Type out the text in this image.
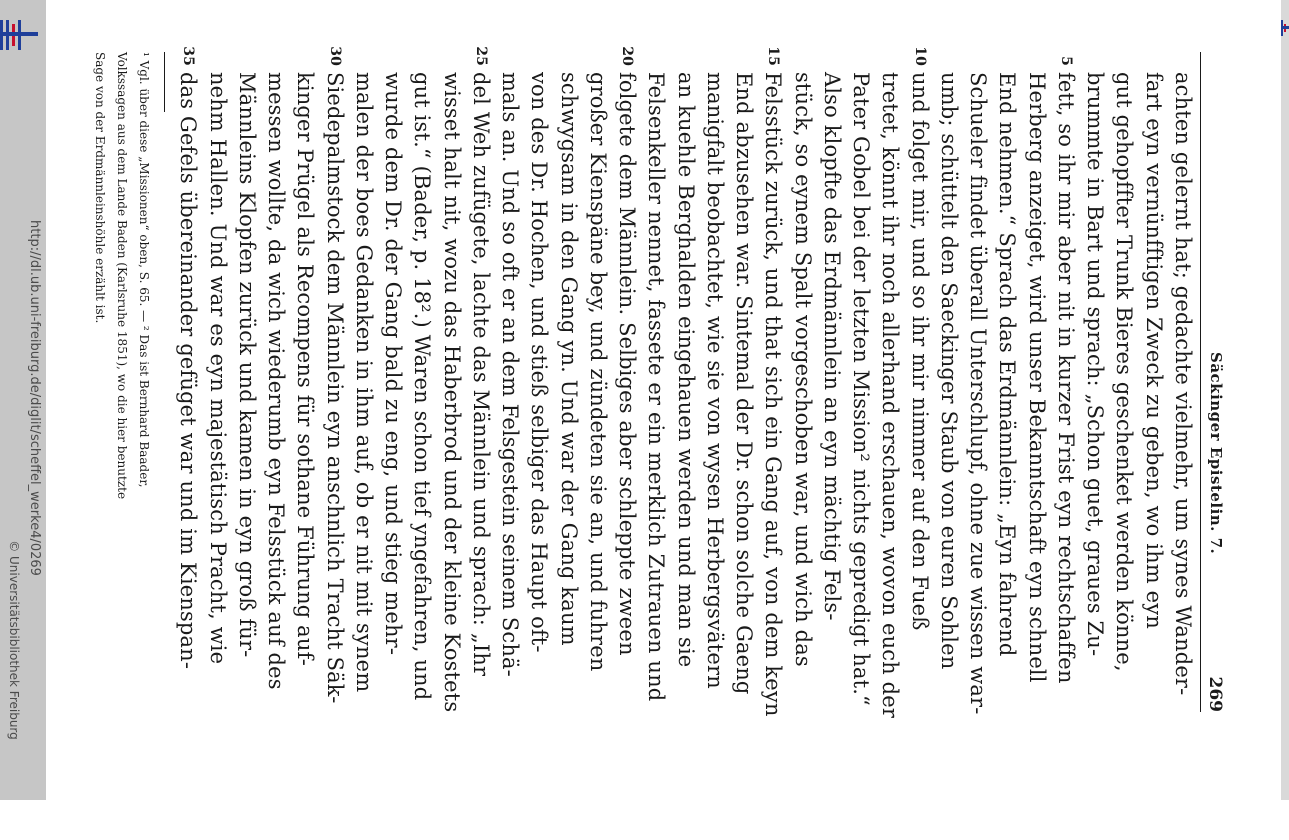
http://dl.ub.uni-freiburg.de/diglit/scheffel_werke4/0269
© Universitätsbibliothek Freiburg
Säckinger Epistelin. 7.
269
achten gelernt hat; gedachte vielmehr, um synes Wander-
fart eyn vernünfftigen Zweck zu geben, wo ihm eyn
gut gehopffter Trunk Bieres geschenket werden könne,
brummte in Bart und sprach: „Schon guet, graues Zu-
5
fett, so ihr mir aber nit in kurzer Frist eyn rechtschaffen
Herberg anzeiget, wird unser Bekanntschaft eyn schnell
End nehmen.“ Sprach das Erdmännlein: „Eyn fahrend
Schueler findet überall Unterschlupf, ohne zue wissen war-
umb; schüttelt den Saeckinger Staub von euren Sohlen
10
und folget mir, und so ihr mir nimmer auf den Fueß
tretet, könnt ihr noch allerhand erschauen, wovon euch der
Pater Gobel bei der letzten Mission² nichts gepredigt hat.“
Also klopfte das Erdmännlein an eyn mächtig Fels-
stück, so eynem Spalt vorgeschoben war, und wich das
15
Felsstück zurück, und that sich ein Gang auf, von dem keyn
End abzusehen war. Sintemal der Dr. schon solche Gaeng
manigfalt beobachtet, wie sie von wysen Herbergsvätern
an kuehle Berghalden eingehauen werden und man sie
Felsenkeller nennet, fassete er ein merklich Zutrauen und
20
folgete dem Männlein. Selbiges aber schleppte zween
großer Kienspäne bey, und zündeten sie an, und fuhren
schwygsam in den Gang yn. Und war der Gang kaum
von des Dr. Hochen, und stieß selbiger das Haupt oft-
mals an. Und so oft er an dem Felsgestein seinem Schä-
25
del Weh zufügete, lachte das Männlein und sprach: „Ihr
wisset halt nit, wozu das Haberbrod und der kleine Kostets
gut ist.“ (Bader, p. 18².) Waren schon tief yngefahren, und
wurde dem Dr. der Gang bald zu eng, und stieg mehr-
malen der boes Gedanken in ihm auf, ob er nit mit synem
30
Siedepalmstock dem Männlein eyn anschnlich Tracht Säk-
kinger Prügel als Recompens für sothane Führung auf-
messen wollte, da wich wiederumb eyn Felsstück auf des
Männleins Klopfen zurück und kamen in eyn groß für-
nehm Hallen. Und war es eyn majestätisch Pracht, wie
35
das Gefels übereinander gefüget war und im Kienspan-
¹ Vgl. über diese „Missionen“ oben, S. 65. — ² Das ist Bernhard Baader,
Volkssagen aus dem Lande Baden (Karlsruhe 1851), wo die hier benutzte
Sage von der Erdmännleinshöhle erzählt ist.
